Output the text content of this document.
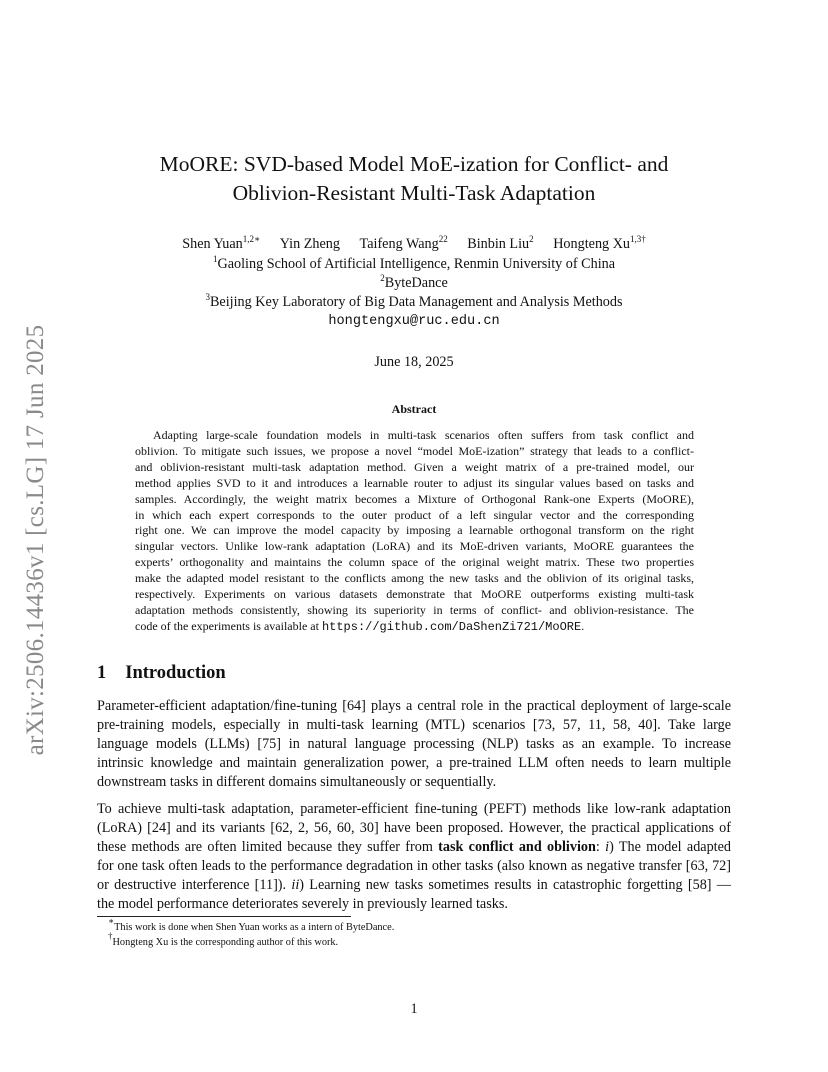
arXiv:2506.14436v1 [cs.LG] 17 Jun 2025
MoORE: SVD-based Model MoE-ization for Conflict- and
Oblivion-Resistant Multi-Task Adaptation
Shen Yuan$^{1,2∗}$ Yin Zheng Taifeng Wang$^{22}$ Binbin Liu$^2$ Hongteng $Xu^{1,3\dagger}$
$^1$Gaoling School of Artificial Intelligence, Renmin University of China
$^2$ByteDance
$^3$Beijing Key Laboratory of Big Data Management and Analysis Methods
hongtengxu@ruc.edu.cn
June 18, 2025
Abstract
Adapting large-scale foundation models in multi-task scenarios often suffers from task conflict and
oblivion. To mitigate such issues, we propose a novel “model MoE-ization” strategy that leads to a conflict-
and oblivion-resistant multi-task adaptation method. Given a weight matrix of a pre-trained model, our
method applies SVD to it and introduces a learnable router to adjust its singular values based on tasks and
samples. Accordingly, the weight matrix becomes a Mixture of Orthogonal Rank-one Experts (MoORE),
in which each expert corresponds to the outer product of a left singular vector and the corresponding
right one. We can improve the model capacity by imposing a learnable orthogonal transform on the right
singular vectors. Unlike low-rank adaptation (LoRA) and its MoE-driven variants, MoORE guarantees the
experts’ orthogonality and maintains the column space of the original weight matrix. These two properties
make the adapted model resistant to the conflicts among the new tasks and the oblivion of its original tasks,
respectively. Experiments on various datasets demonstrate that MoORE outperforms existing multi-task
adaptation methods consistently, showing its superiority in terms of conflict- and oblivion-resistance. The
code of the experiments is available at https://github.com/DaShenZi721/MoORE.
1 Introduction
Parameter-efficient adaptation/fine-tuning [64] plays a central role in the practical deployment of large-scale
pre-training models, especially in multi-task learning (MTL) scenarios [73, 57, 11, 58, 40]. Take large
language models (LLMs) [75] in natural language processing (NLP) tasks as an example. To increase
intrinsic knowledge and maintain generalization power, a pre-trained LLM often needs to learn multiple
downstream tasks in different domains simultaneously or sequentially.
To achieve multi-task adaptation, parameter-efficient fine-tuning (PEFT) methods like low-rank adaptation
(LoRA) [24] and its variants [62, 2, 56, 60, 30] have been proposed. However, the practical applications of
these methods are often limited because they suffer from task conflict and oblivion: i) The model adapted
for one task often leads to the performance degradation in other tasks (also known as negative transfer [63, 72]
or destructive interference [11]). ii) Learning new tasks sometimes results in catastrophic forgetting [58] —
the model performance deteriorates severely in previously learned tasks.
∗This work is done when Shen Yuan works as a intern of ByteDance.
†Hongteng Xu is the corresponding author of this work.
1
